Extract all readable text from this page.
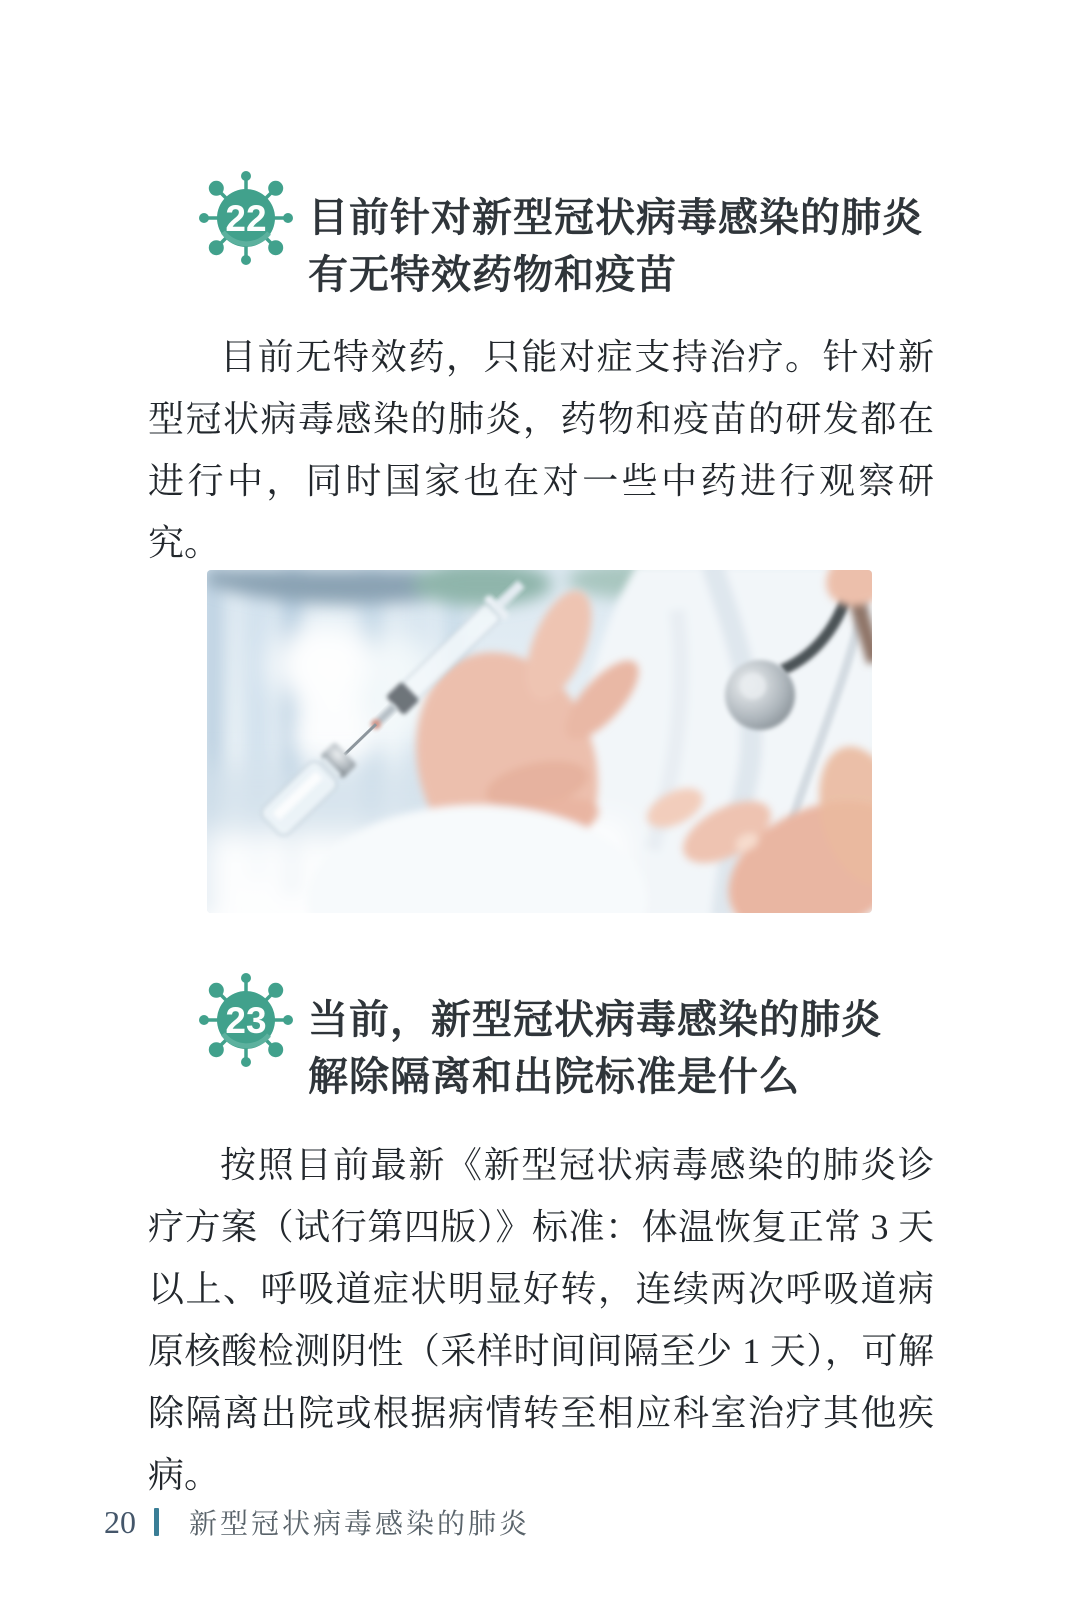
22 目前针对新型冠状病毒感染的肺炎
有无特效药物和疫苗

目前无特效药，只能对症支持治疗。针对新型冠状病毒感染的肺炎，药物和疫苗的研发都在进行中，同时国家也在对一些中药进行观察研究。

23 当前，新型冠状病毒感染的肺炎
解除隔离和出院标准是什么

按照目前最新《新型冠状病毒感染的肺炎诊疗方案（试行第四版）》标准：体温恢复正常 3 天以上、呼吸道症状明显好转，连续两次呼吸道病原核酸检测阴性（采样时间间隔至少 1 天），可解除隔离出院或根据病情转至相应科室治疗其他疾病。

20 新型冠状病毒感染的肺炎
